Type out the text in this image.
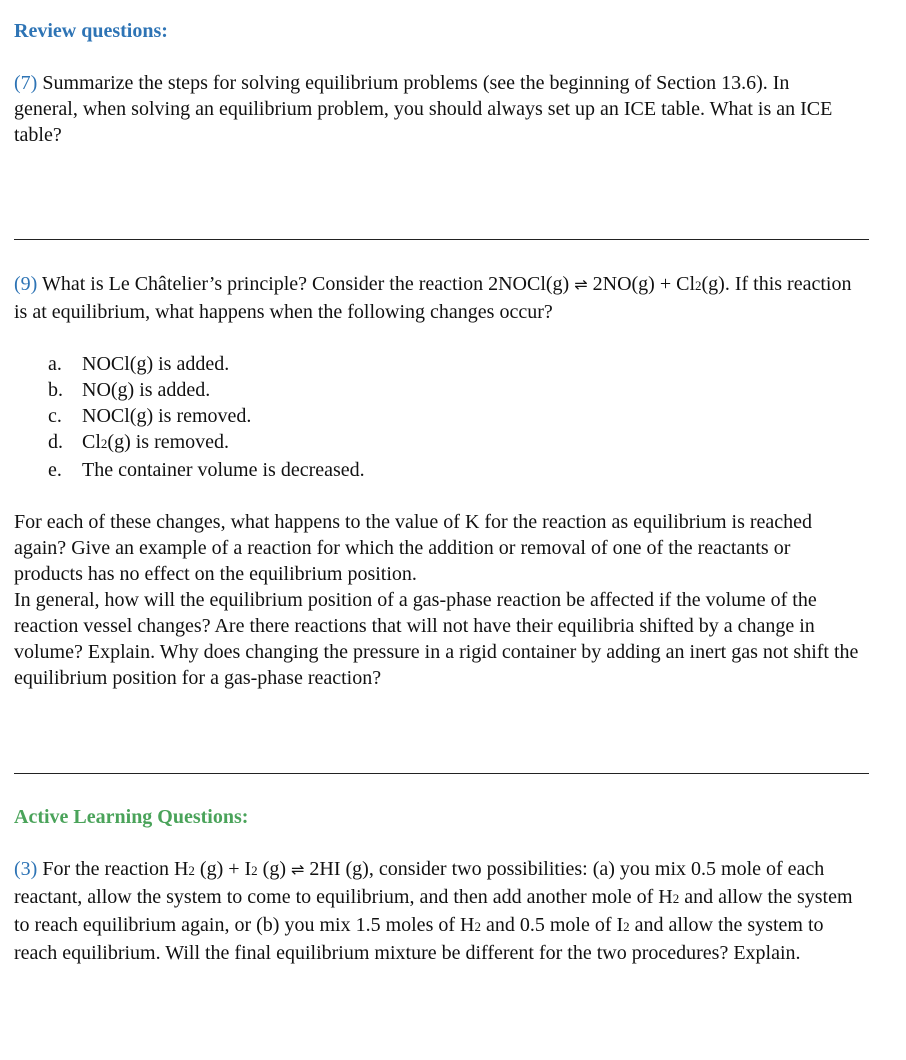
Review questions:

(7) Summarize the steps for solving equilibrium problems (see the beginning of Section 13.6). In general, when solving an equilibrium problem, you should always set up an ICE table. What is an ICE table?

(9) What is Le Châtelier’s principle? Consider the reaction 2NOCl(g) ⇌ 2NO(g) + Cl2(g). If this reaction is at equilibrium, what happens when the following changes occur?

a. NOCl(g) is added.
b. NO(g) is added.
c. NOCl(g) is removed.
d. Cl2(g) is removed.
e. The container volume is decreased.

For each of these changes, what happens to the value of K for the reaction as equilibrium is reached again? Give an example of a reaction for which the addition or removal of one of the reactants or products has no effect on the equilibrium position.

In general, how will the equilibrium position of a gas-phase reaction be affected if the volume of the reaction vessel changes? Are there reactions that will not have their equilibria shifted by a change in volume? Explain. Why does changing the pressure in a rigid container by adding an inert gas not shift the equilibrium position for a gas-phase reaction?

Active Learning Questions:

(3) For the reaction H2 (g) + I2 (g) ⇌ 2HI (g), consider two possibilities: (a) you mix 0.5 mole of each reactant, allow the system to come to equilibrium, and then add another mole of H2 and allow the system to reach equilibrium again, or (b) you mix 1.5 moles of H2 and 0.5 mole of I2 and allow the system to reach equilibrium. Will the final equilibrium mixture be different for the two procedures? Explain.
